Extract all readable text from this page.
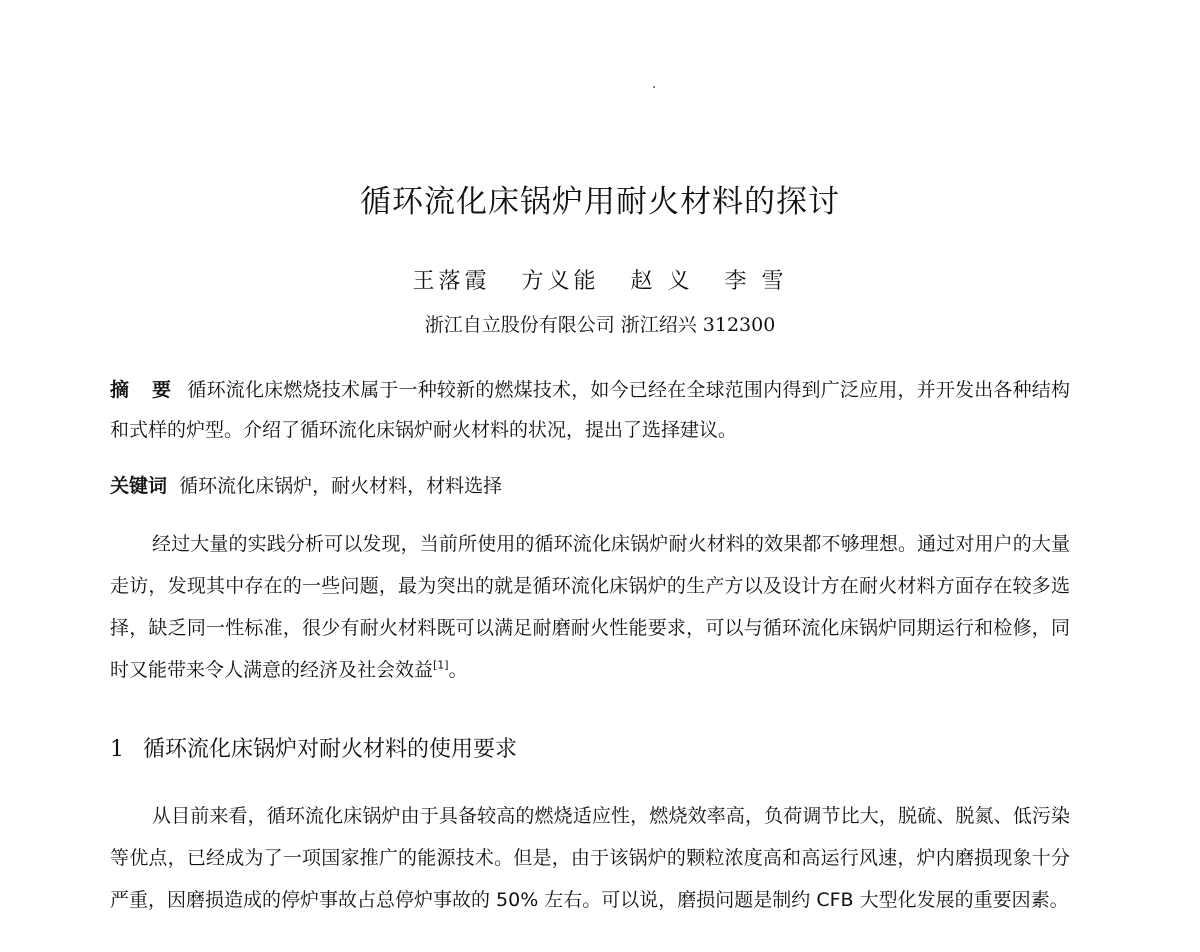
循环流化床锅炉用耐火材料的探讨
王落霞 方义能 赵 义 李 雪
浙江自立股份有限公司 浙江绍兴 312300
摘 要 循环流化床燃烧技术属于一种较新的燃煤技术，如今已经在全球范围内得到广泛应用，并开发出各种结构和式样的炉型。介绍了循环流化床锅炉耐火材料的状况，提出了选择建议。
关键词 循环流化床锅炉，耐火材料，材料选择
经过大量的实践分析可以发现，当前所使用的循环流化床锅炉耐火材料的效果都不够理想。通过对用户的大量走访，发现其中存在的一些问题，最为突出的就是循环流化床锅炉的生产方以及设计方在耐火材料方面存在较多选择，缺乏同一性标准，很少有耐火材料既可以满足耐磨耐火性能要求，可以与循环流化床锅炉同期运行和检修，同时又能带来令人满意的经济及社会效益[1]。
1 循环流化床锅炉对耐火材料的使用要求
从目前来看，循环流化床锅炉由于具备较高的燃烧适应性，燃烧效率高，负荷调节比大，脱硫、脱氮、低污染等优点，已经成为了一项国家推广的能源技术。但是，由于该锅炉的颗粒浓度高和高运行风速，炉内磨损现象十分严重，因磨损造成的停炉事故占总停炉事故的 50% 左右。可以说，磨损问题是制约 CFB 大型化发展的重要因素。
